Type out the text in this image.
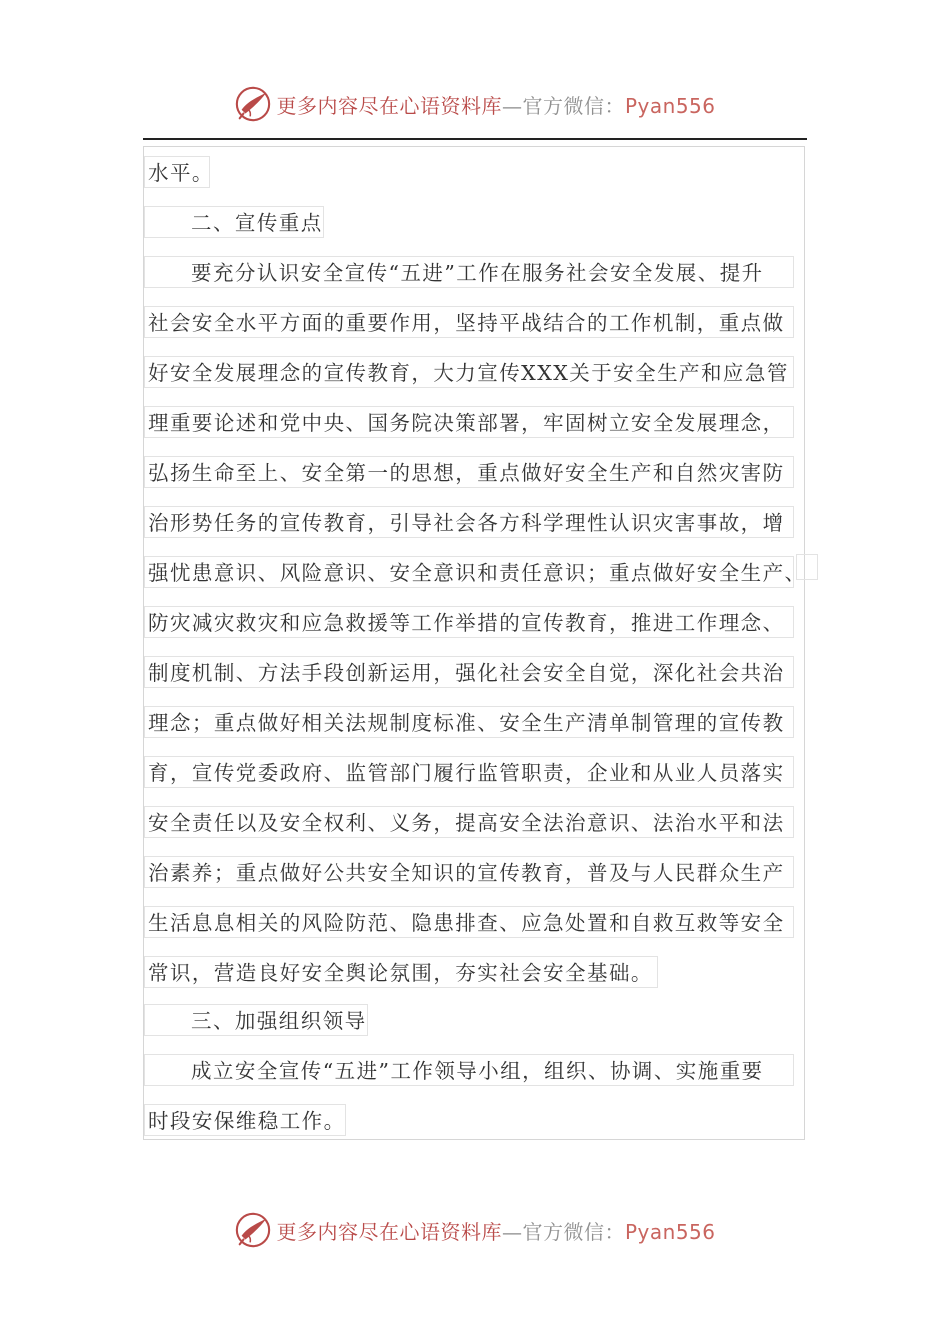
更多内容尽在心语资料库—官方微信：Pyan556
水平。
二、宣传重点
要充分认识安全宣传“五进”工作在服务社会安全发展、提升
社会安全水平方面的重要作用，坚持平战结合的工作机制，重点做
好安全发展理念的宣传教育，大力宣传XXX关于安全生产和应急管
理重要论述和党中央、国务院决策部署，牢固树立安全发展理念，
弘扬生命至上、安全第一的思想，重点做好安全生产和自然灾害防
治形势任务的宣传教育，引导社会各方科学理性认识灾害事故，增
强忧患意识、风险意识、安全意识和责任意识；重点做好安全生产、
防灾减灾救灾和应急救援等工作举措的宣传教育，推进工作理念、
制度机制、方法手段创新运用，强化社会安全自觉，深化社会共治
理念；重点做好相关法规制度标准、安全生产清单制管理的宣传教
育，宣传党委政府、监管部门履行监管职责，企业和从业人员落实
安全责任以及安全权利、义务，提高安全法治意识、法治水平和法
治素养；重点做好公共安全知识的宣传教育，普及与人民群众生产
生活息息相关的风险防范、隐患排查、应急处置和自救互救等安全
常识，营造良好安全舆论氛围，夯实社会安全基础。
三、加强组织领导
成立安全宣传“五进”工作领导小组，组织、协调、实施重要
时段安保维稳工作。
更多内容尽在心语资料库—官方微信：Pyan556
